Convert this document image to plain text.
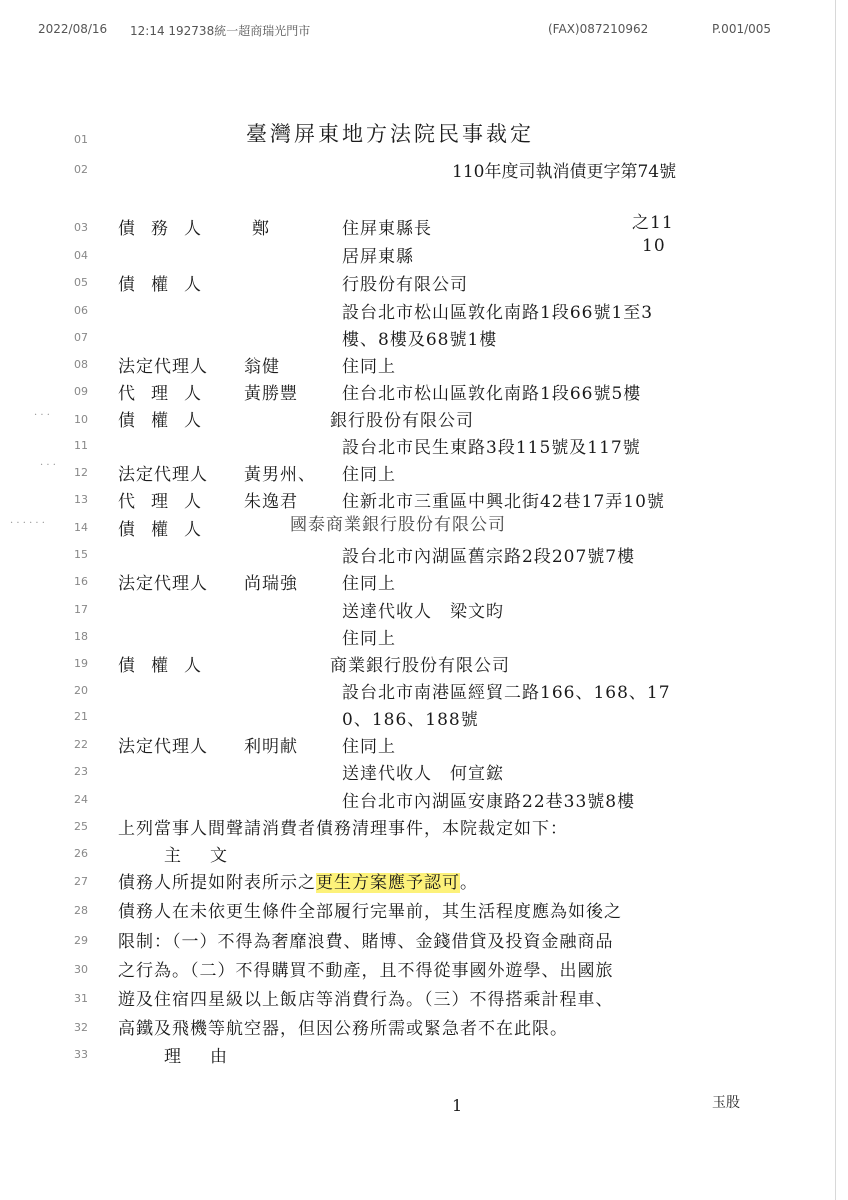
2022/08/16 12:14 192738統一超商瑞光門市	(FAX)087210962	P.001/005
臺灣屏東地方法院民事裁定
110年度司執消債更字第74號
01
02
03
04
05
06
07
08
09
10
11
12
13
14
15
16
17
18
19
20
21
22
23
24
25
26
27
28
29
30
31
32
33
債務人 鄭	住屏東縣長	之11
居屏東縣
10
債權人	行股份有限公司
設台北市松山區敦化南路1段66號1至3
樓、8樓及68號1樓
法定代理人 翁健	住同上
代理人 黃勝豐	住台北市松山區敦化南路1段66號5樓
債權人	銀行股份有限公司
設台北市民生東路3段115號及117號
法定代理人 黃男州、 住同上
代理人 朱逸君	住新北市三重區中興北街42巷17弄10號
債權人	國泰商業銀行股份有限公司
設台北市內湖區舊宗路2段207號7樓
法定代理人 尚瑞強	住同上
送達代收人　梁文昀
住同上
債權人	商業銀行股份有限公司
設台北市南港區經貿二路166、168、17
0、186、188號
法定代理人 利明献	住同上
送達代收人　何宣鋐
住台北市內湖區安康路22巷33號8樓
上列當事人間聲請消費者債務清理事件，本院裁定如下：
主　文
債務人所提如附表所示之更生方案應予認可。
債務人在未依更生條件全部履行完畢前，其生活程度應為如後之
限制：（一）不得為奢靡浪費、賭博、金錢借貸及投資金融商品
之行為。（二）不得購買不動產，且不得從事國外遊學、出國旅
遊及住宿四星級以上飯店等消費行為。（三）不得搭乘計程車、
高鐵及飛機等航空器，但因公務所需或緊急者不在此限。
理　由
1	玉股
· · ·
· · ·
· · · · · ·
